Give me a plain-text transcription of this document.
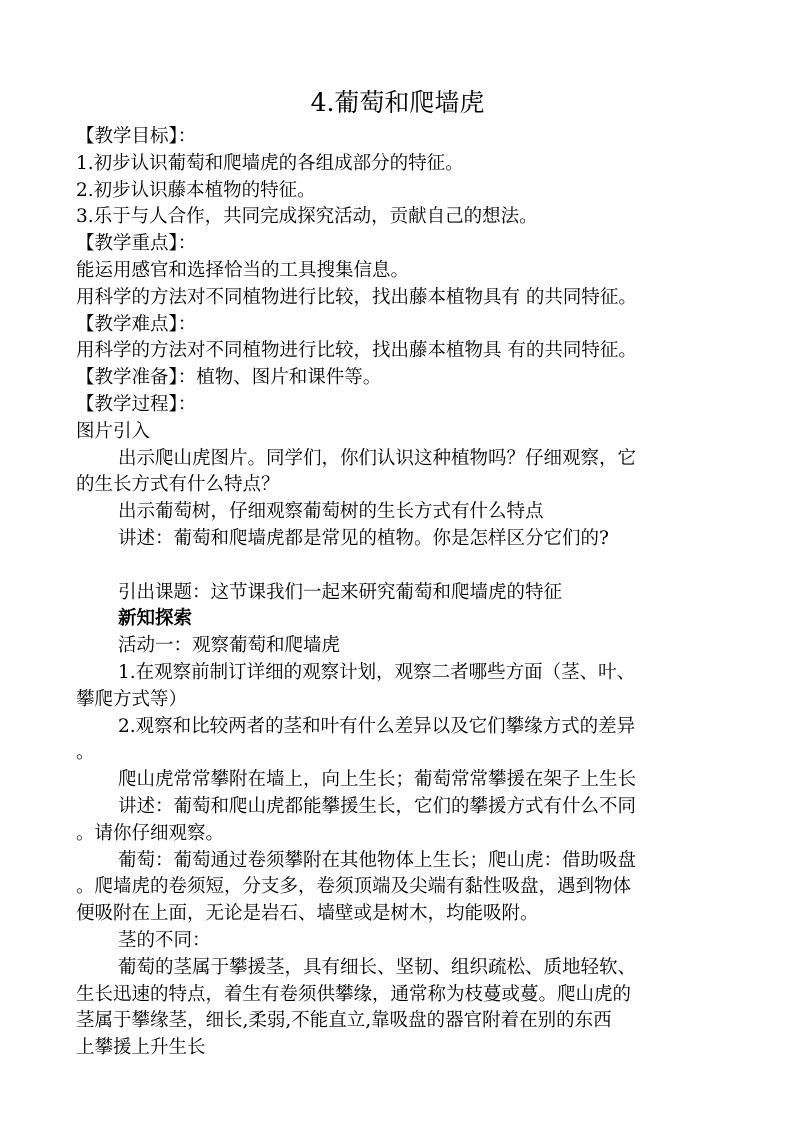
4.葡萄和爬墙虎
【教学目标】：
1.初步认识葡萄和爬墙虎的各组成部分的特征。
2.初步认识藤本植物的特征。
3.乐于与人合作，共同完成探究活动，贡献自己的想法。
【教学重点】：
能运用感官和选择恰当的工具搜集信息。
用科学的方法对不同植物进行比较，找出藤本植物具有 的共同特征。
【教学难点】：
用科学的方法对不同植物进行比较，找出藤本植物具 有的共同特征。
【教学准备】：植物、图片和课件等。
【教学过程】：
图片引入
出示爬山虎图片。同学们，你们认识这种植物吗？仔细观察，它
的生长方式有什么特点？
出示葡萄树，仔细观察葡萄树的生长方式有什么特点
讲述：葡萄和爬墙虎都是常见的植物。你是怎样区分它们的?
引出课题：这节课我们一起来研究葡萄和爬墙虎的特征
新知探索
活动一：观察葡萄和爬墙虎
1.在观察前制订详细的观察计划，观察二者哪些方面（茎、叶、
攀爬方式等）
2.观察和比较两者的茎和叶有什么差异以及它们攀缘方式的差异
。
爬山虎常常攀附在墙上，向上生长；葡萄常常攀援在架子上生长
讲述：葡萄和爬山虎都能攀援生长，它们的攀援方式有什么不同
。请你仔细观察。
葡萄：葡萄通过卷须攀附在其他物体上生长；爬山虎：借助吸盘
。爬墙虎的卷须短，分支多，卷须顶端及尖端有黏性吸盘，遇到物体
便吸附在上面，无论是岩石、墙壁或是树木，均能吸附。
茎的不同：
葡萄的茎属于攀援茎，具有细长、坚韧、组织疏松、质地轻软、
生长迅速的特点，着生有卷须供攀缘，通常称为枝蔓或蔓。爬山虎的
茎属于攀缘茎，细长,柔弱,不能直立,靠吸盘的器官附着在别的东西
上攀援上升生长
